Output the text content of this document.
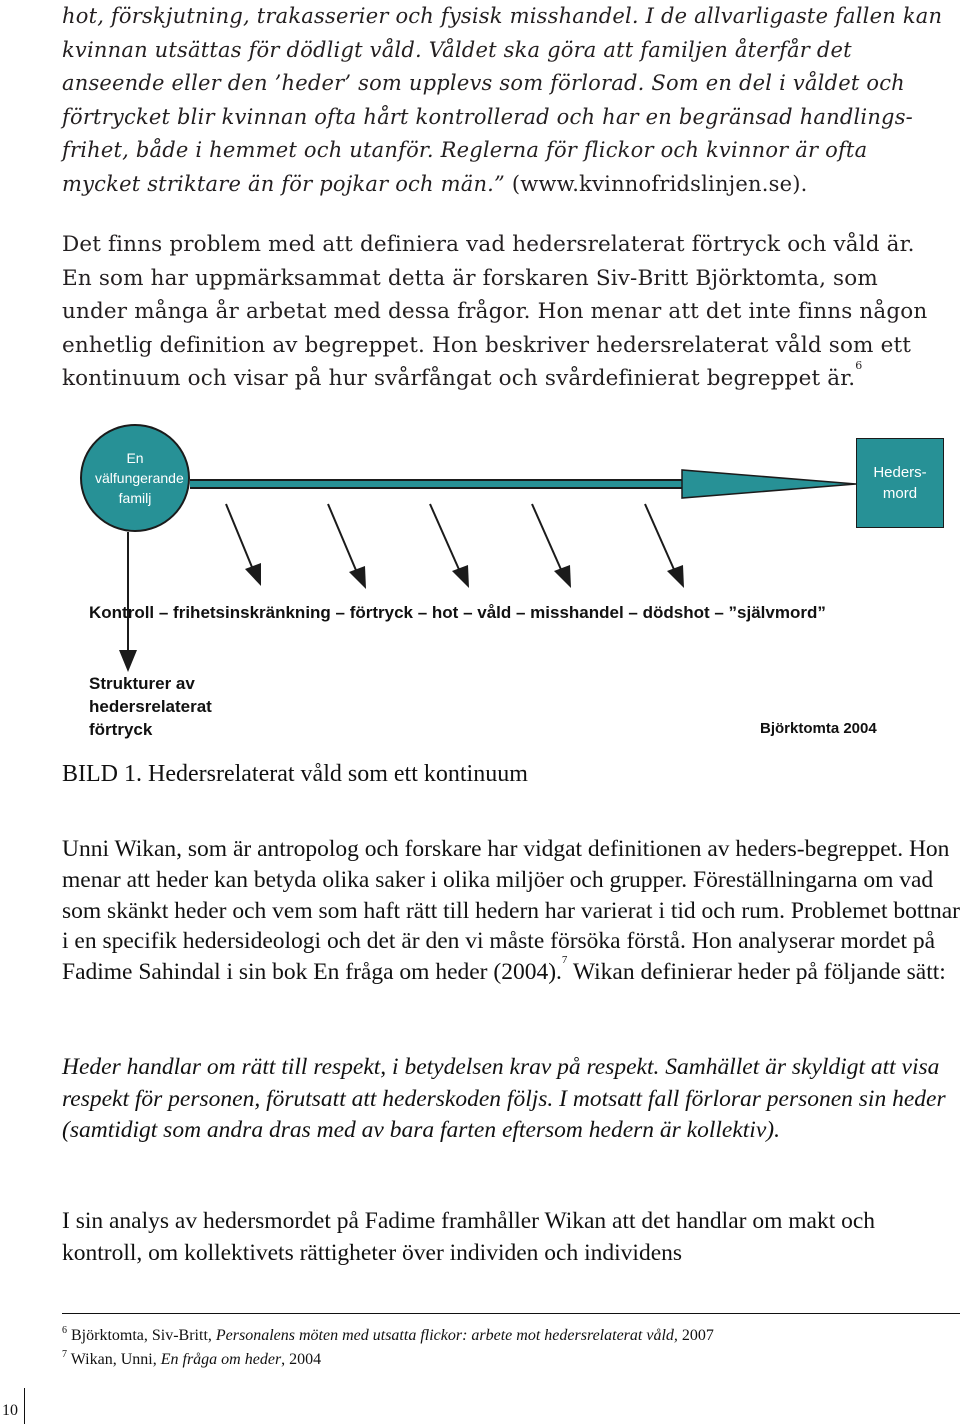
hot, förskjutning, trakasserier och fysisk misshandel. I de allvarligaste fallen kan kvinnan utsättas för dödligt våld. Våldet ska göra att familjen återfår det anseende eller den ’heder’ som upplevs som förlorad. Som en del i våldet och förtrycket blir kvinnan ofta hårt kontrollerad och har en begränsad handlings-frihet, både i hemmet och utanför. Reglerna för flickor och kvinnor är ofta mycket striktare än för pojkar och män.” (www.kvinnofridslinjen.se).

Det finns problem med att definiera vad hedersrelaterat förtryck och våld är. En som har uppmärksammat detta är forskaren Siv-Britt Björktomta, som under många år arbetat med dessa frågor. Hon menar att det inte finns någon enhetlig definition av begreppet. Hon beskriver hedersrelaterat våld som ett kontinuum och visar på hur svårfångat och svårdefinierat begreppet är.$^6$

En välfungerande familj
Heders-mord
Kontroll – frihetsinskränkning – förtryck – hot – våld – misshandel – dödshot – ”självmord”
Strukturer av hedersrelaterat förtryck	Björktomta 2004
BILD 1. Hedersrelaterat våld som ett kontinuum

Unni Wikan, som är antropolog och forskare har vidgat definitionen av heders-begreppet. Hon menar att heder kan betyda olika saker i olika miljöer och grupper. Föreställningarna om vad som skänkt heder och vem som haft rätt till hedern har varierat i tid och rum. Problemet bottnar i en specifik hedersideologi och det är den vi måste försöka förstå. Hon analyserar mordet på Fadime Sahindal i sin bok En fråga om heder (2004).$^7$ Wikan definierar heder på följande sätt:

Heder handlar om rätt till respekt, i betydelsen krav på respekt. Samhället är skyldigt att visa respekt för personen, förutsatt att hederskoden följs. I motsatt fall förlorar personen sin heder (samtidigt som andra dras med av bara farten eftersom hedern är kollektiv).

I sin analys av hedersmordet på Fadime framhåller Wikan att det handlar om makt och kontroll, om kollektivets rättigheter över individen och individens

$^6$ Björktomta, Siv-Britt, Personalens möten med utsatta flickor: arbete mot hedersrelaterat våld, 2007
$^7$ Wikan, Unni, En fråga om heder, 2004
10
